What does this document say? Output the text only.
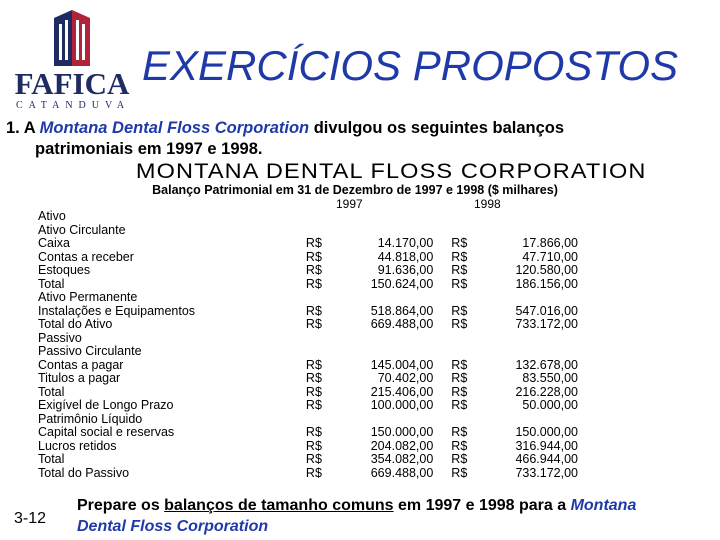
FAFICA
CATANDUVA
EXERCÍCIOS PROPOSTOS
1. A Montana Dental Floss Corporation divulgou os seguintes balanços
patrimoniais em 1997 e 1998.
MONTANA DENTAL FLOSS CORPORATION
Balanço Patrimonial em 31 de Dezembro de 1997 e 1998 ($ milhares)
1997	1998
Ativo				
Ativo Circulante				
Caixa	R$	14.170,00	R$	17.866,00
Contas a receber	R$	44.818,00	R$	47.710,00
Estoques	R$	91.636,00	R$	120.580,00
Total	R$	150.624,00	R$	186.156,00
Ativo Permanente				
Instalações e Equipamentos	R$	518.864,00	R$	547.016,00
Total do Ativo	R$	669.488,00	R$	733.172,00
Passivo				
Passivo Circulante				
Contas a pagar	R$	145.004,00	R$	132.678,00
Titulos a pagar	R$	70.402,00	R$	83.550,00
Total	R$	215.406,00	R$	216.228,00
Exigível de Longo Prazo	R$	100.000,00	R$	50.000,00
Patrimônio Líquido				
Capital social e reservas	R$	150.000,00	R$	150.000,00
Lucros retidos	R$	204.082,00	R$	316.944,00
Total	R$	354.082,00	R$	466.944,00
Total do Passivo	R$	669.488,00	R$	733.172,00
3-12
Prepare os balanços de tamanho comuns em 1997 e 1998 para a Montana
Dental Floss Corporation
